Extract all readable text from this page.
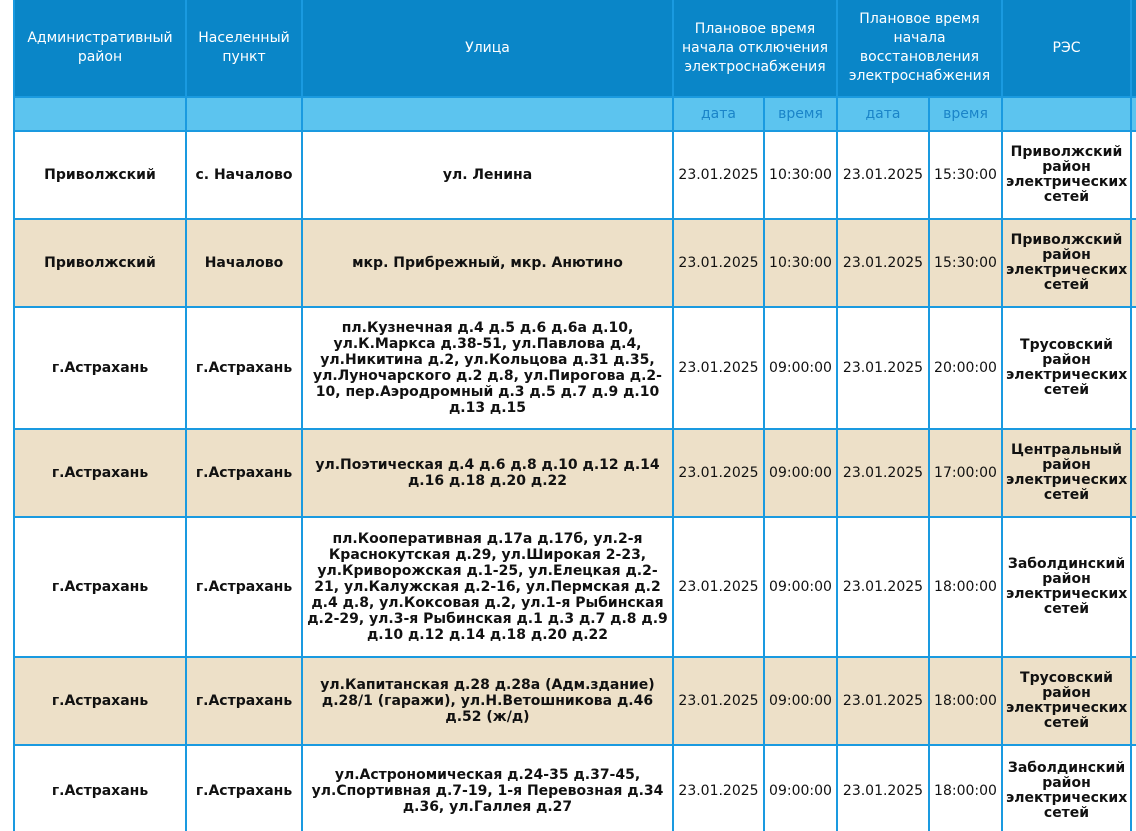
Административный район	Населенный пункт	Улица	Плановое время начала отключения электроснабжения		Плановое время начала восстановления электроснабжения		РЭС	
			дата	время	дата	время		
Приволжский	с. Началово	ул. Ленина	23.01.2025	10:30:00	23.01.2025	15:30:00	Приволжский район электрических сетей	
Приволжский	Началово	мкр. Прибрежный, мкр. Анютино	23.01.2025	10:30:00	23.01.2025	15:30:00	Приволжский район электрических сетей	
г.Астрахань	г.Астрахань	пл.Кузнечная д.4 д.5 д.6 д.6а д.10, ул.К.Маркса д.38-51, ул.Павлова д.4, ул.Никитина д.2, ул.Кольцова д.31 д.35, ул.Луночарского д.2 д.8, ул.Пирогова д.2-10, пер.Аэродромный д.3 д.5 д.7 д.9 д.10 д.13 д.15	23.01.2025	09:00:00	23.01.2025	20:00:00	Трусовский район электрических сетей	
г.Астрахань	г.Астрахань	ул.Поэтическая д.4 д.6 д.8 д.10 д.12 д.14 д.16 д.18 д.20 д.22	23.01.2025	09:00:00	23.01.2025	17:00:00	Центральный район электрических сетей	
г.Астрахань	г.Астрахань	пл.Кооперативная д.17а д.17б, ул.2-я Краснокутская д.29, ул.Широкая 2-23, ул.Криворожская д.1-25, ул.Елецкая д.2-21, ул.Калужская д.2-16, ул.Пермская д.2 д.4 д.8, ул.Коксовая д.2, ул.1-я Рыбинская д.2-29, ул.3-я Рыбинская д.1 д.3 д.7 д.8 д.9 д.10 д.12 д.14 д.18 д.20 д.22	23.01.2025	09:00:00	23.01.2025	18:00:00	Заболдинский район электрических сетей	
г.Астрахань	г.Астрахань	ул.Капитанская д.28 д.28а (Адм.здание) д.28/1 (гаражи), ул.Н.Ветошникова д.46 д.52 (ж/д)	23.01.2025	09:00:00	23.01.2025	18:00:00	Трусовский район электрических сетей	
г.Астрахань	г.Астрахань	ул.Астрономическая д.24-35 д.37-45, ул.Спортивная д.7-19, 1-я Перевозная д.34 д.36, ул.Галлея д.27	23.01.2025	09:00:00	23.01.2025	18:00:00	Заболдинский район электрических сетей	
